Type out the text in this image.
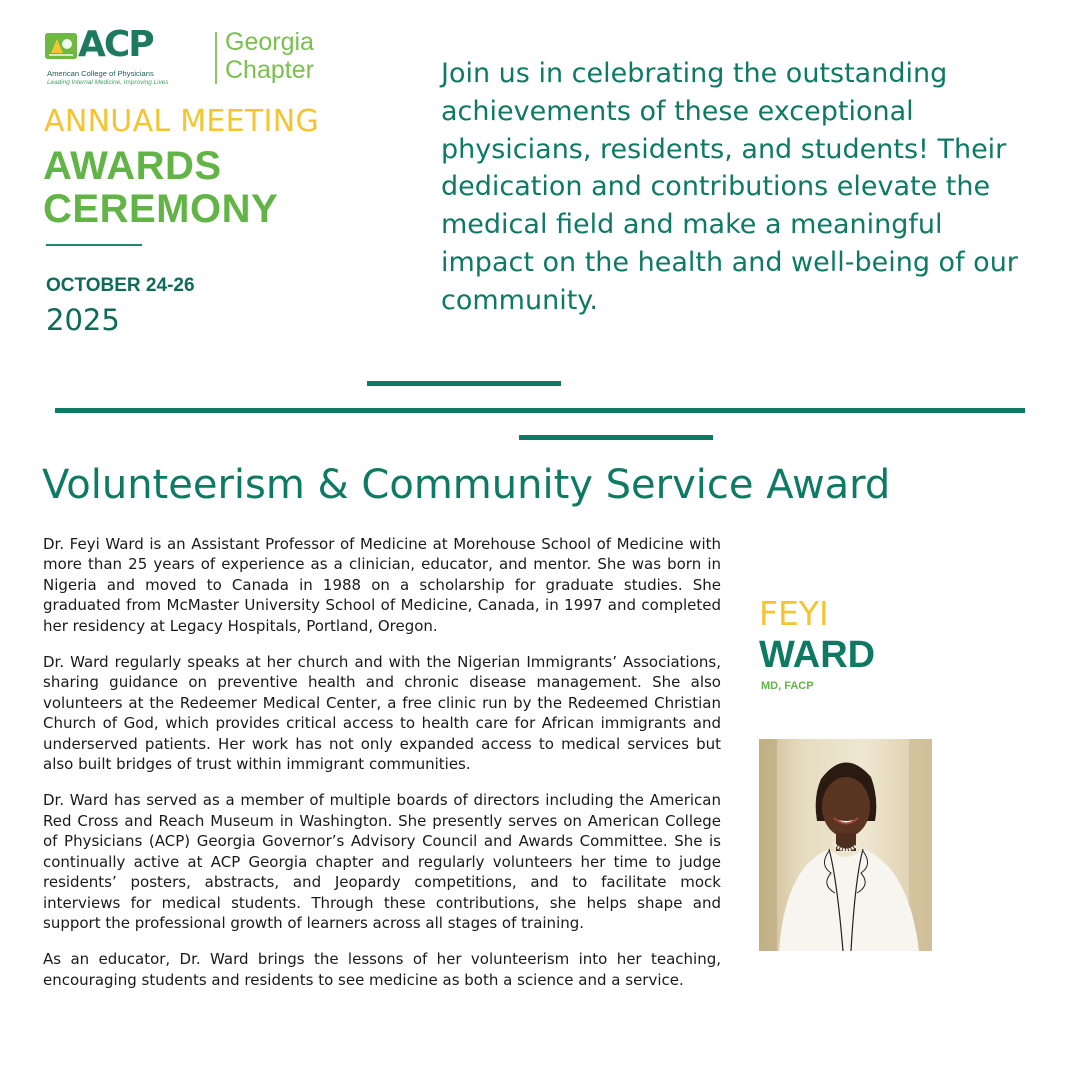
ACP
American College of Physicians
Leading Internal Medicine, Improving Lives
Georgia
Chapter
ANNUAL MEETING
AWARDS
CEREMONY
OCTOBER 24-26
2025

Join us in celebrating the outstanding achievements of these exceptional physicians, residents, and students! Their dedication and contributions elevate the medical field and make a meaningful impact on the health and well-being of our community.

Volunteerism & Community Service Award

Dr. Feyi Ward is an Assistant Professor of Medicine at Morehouse School of Medicine with more than 25 years of experience as a clinician, educator, and mentor. She was born in Nigeria and moved to Canada in 1988 on a scholarship for graduate studies. She graduated from McMaster University School of Medicine, Canada, in 1997 and completed her residency at Legacy Hospitals, Portland, Oregon.

Dr. Ward regularly speaks at her church and with the Nigerian Immigrants’ Associations, sharing guidance on preventive health and chronic disease management. She also volunteers at the Redeemer Medical Center, a free clinic run by the Redeemed Christian Church of God, which provides critical access to health care for African immigrants and underserved patients. Her work has not only expanded access to medical services but also built bridges of trust within immigrant communities.

Dr. Ward has served as a member of multiple boards of directors including the American Red Cross and Reach Museum in Washington. She presently serves on American College of Physicians (ACP) Georgia Governor’s Advisory Council and Awards Committee. She is continually active at ACP Georgia chapter and regularly volunteers her time to judge residents’ posters, abstracts, and Jeopardy competitions, and to facilitate mock interviews for medical students. Through these contributions, she helps shape and support the professional growth of learners across all stages of training.

As an educator, Dr. Ward brings the lessons of her volunteerism into her teaching, encouraging students and residents to see medicine as both a science and a service.

FEYI
WARD
MD, FACP
